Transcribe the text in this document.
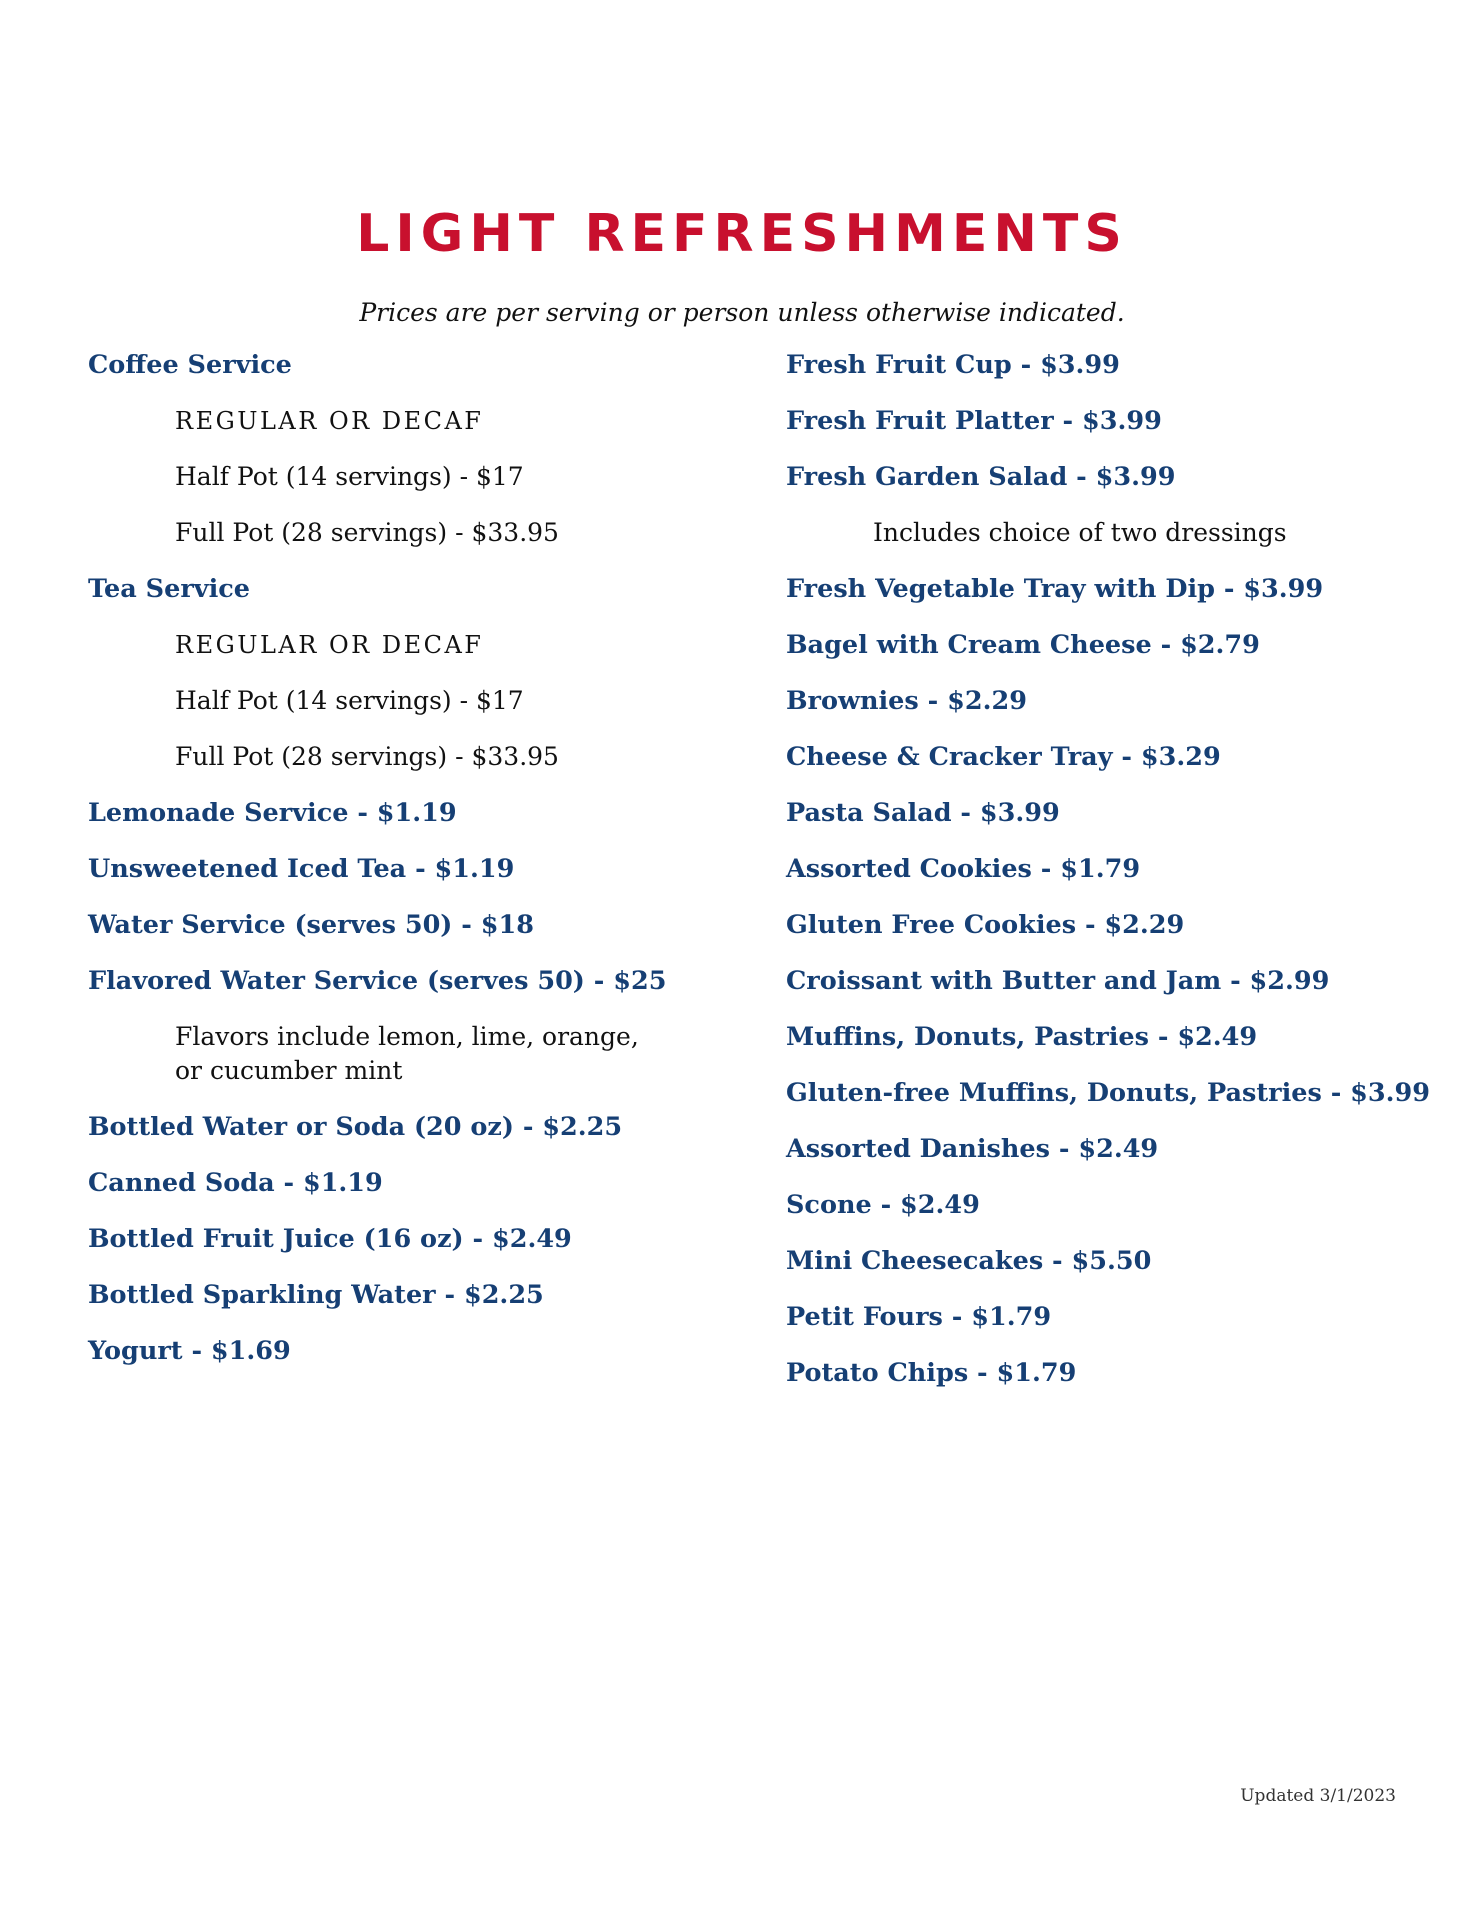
LIGHT REFRESHMENTS
Prices are per serving or person unless otherwise indicated.
Coffee Service
REGULAR OR DECAF
Half Pot (14 servings) - $17
Full Pot (28 servings) - $33.95
Tea Service
REGULAR OR DECAF
Half Pot (14 servings) - $17
Full Pot (28 servings) - $33.95
Lemonade Service - $1.19
Unsweetened Iced Tea - $1.19
Water Service (serves 50) - $18
Flavored Water Service (serves 50) - $25
Flavors include lemon, lime, orange, or cucumber mint
Bottled Water or Soda (20 oz) - $2.25
Canned Soda - $1.19
Bottled Fruit Juice (16 oz) - $2.49
Bottled Sparkling Water - $2.25
Yogurt - $1.69
Fresh Fruit Cup - $3.99
Fresh Fruit Platter - $3.99
Fresh Garden Salad - $3.99
Includes choice of two dressings
Fresh Vegetable Tray with Dip - $3.99
Bagel with Cream Cheese - $2.79
Brownies - $2.29
Cheese & Cracker Tray - $3.29
Pasta Salad - $3.99
Assorted Cookies - $1.79
Gluten Free Cookies - $2.29
Croissant with Butter and Jam - $2.99
Muffins, Donuts, Pastries - $2.49
Gluten-free Muffins, Donuts, Pastries - $3.99
Assorted Danishes - $2.49
Scone - $2.49
Mini Cheesecakes - $5.50
Petit Fours - $1.79
Potato Chips - $1.79
Updated 3/1/2023
